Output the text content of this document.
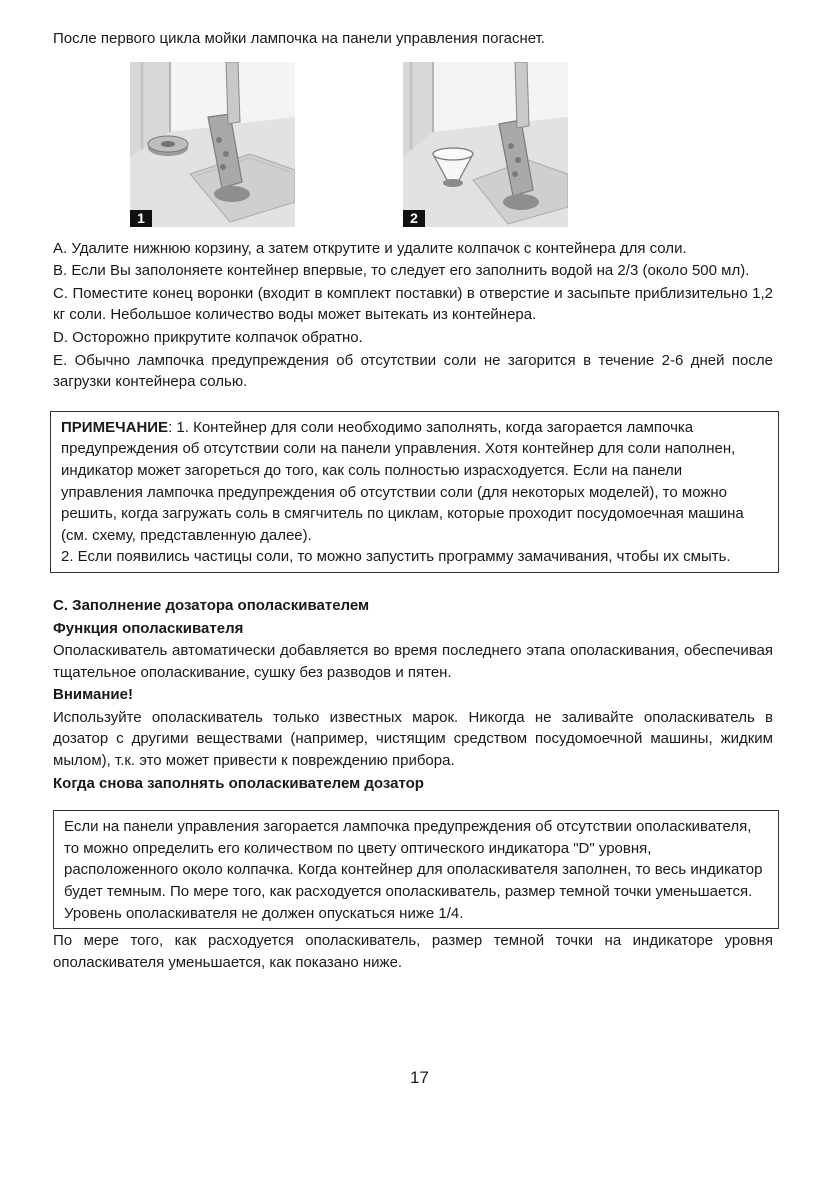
После первого цикла мойки лампочка на панели управления погаснет.

1	2

A. Удалите нижнюю корзину, а затем открутите и удалите колпачок с контейнера для соли.

B. Если Вы заполоняете контейнер впервые, то следует его заполнить водой на 2/3 (около 500 мл).

C. Поместите конец воронки (входит в комплект поставки) в отверстие и засыпьте приблизительно 1,2 кг соли. Небольшое количество воды может вытекать из контейнера.

D. Осторожно прикрутите колпачок обратно.

E. Обычно лампочка предупреждения об отсутствии соли не загорится в течение 2-6 дней после загрузки контейнера солью.

ПРИМЕЧАНИЕ: 1. Контейнер для соли необходимо заполнять, когда загорается лампочка предупреждения об отсутствии соли на панели управления. Хотя контейнер для соли наполнен, индикатор может загореться до того, как соль полностью израсходуется. Если на панели управления лампочка предупреждения об отсутствии соли (для некоторых моделей), то можно решить, когда загружать соль в смягчитель по циклам, которые проходит посудомоечная машина (см. схему, представленную далее).

2. Если появились частицы соли, то можно запустить программу замачивания, чтобы их смыть.

C. Заполнение дозатора ополаскивателем

Функция ополаскивателя

Ополаскиватель автоматически добавляется во время последнего этапа ополаскивания, обеспечивая тщательное ополаскивание, сушку без разводов и пятен.

Внимание!

Используйте ополаскиватель только известных марок. Никогда не заливайте ополаскиватель в дозатор с другими веществами (например, чистящим средством посудомоечной машины, жидким мылом), т.к. это может привести к повреждению прибора.

Когда снова заполнять ополаскивателем дозатор

Если на панели управления загорается лампочка предупреждения об отсутствии ополаскивателя, то можно определить его количеством по цвету оптического индикатора "D" уровня, расположенного около колпачка. Когда контейнер для ополаскивателя заполнен, то весь индикатор будет темным. По мере того, как расходуется ополаскиватель, размер темной точки уменьшается. Уровень ополаскивателя не должен опускаться ниже 1/4.

По мере того, как расходуется ополаскиватель, размер темной точки на индикаторе уровня ополаскивателя уменьшается, как показано ниже.

17
